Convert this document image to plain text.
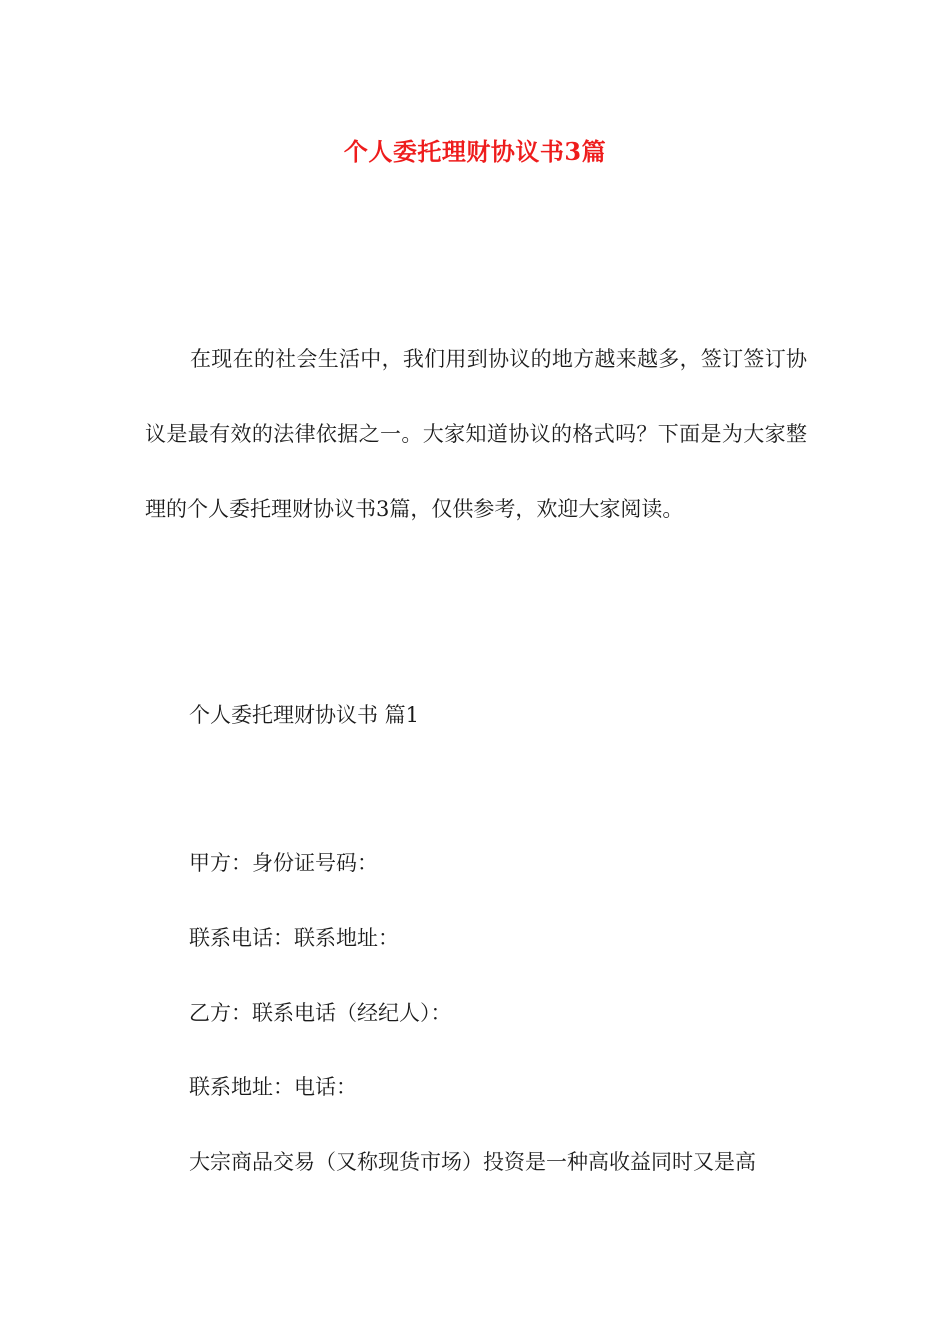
个人委托理财协议书3篇

在现在的社会生活中，我们用到协议的地方越来越多，签订签订协议是最有效的法律依据之一。大家知道协议的格式吗？下面是为大家整理的个人委托理财协议书3篇，仅供参考，欢迎大家阅读。

个人委托理财协议书 篇1

甲方：身份证号码：

联系电话：联系地址：

乙方：联系电话（经纪人）：

联系地址：电话：

大宗商品交易（又称现货市场）投资是一种高收益同时又是高
